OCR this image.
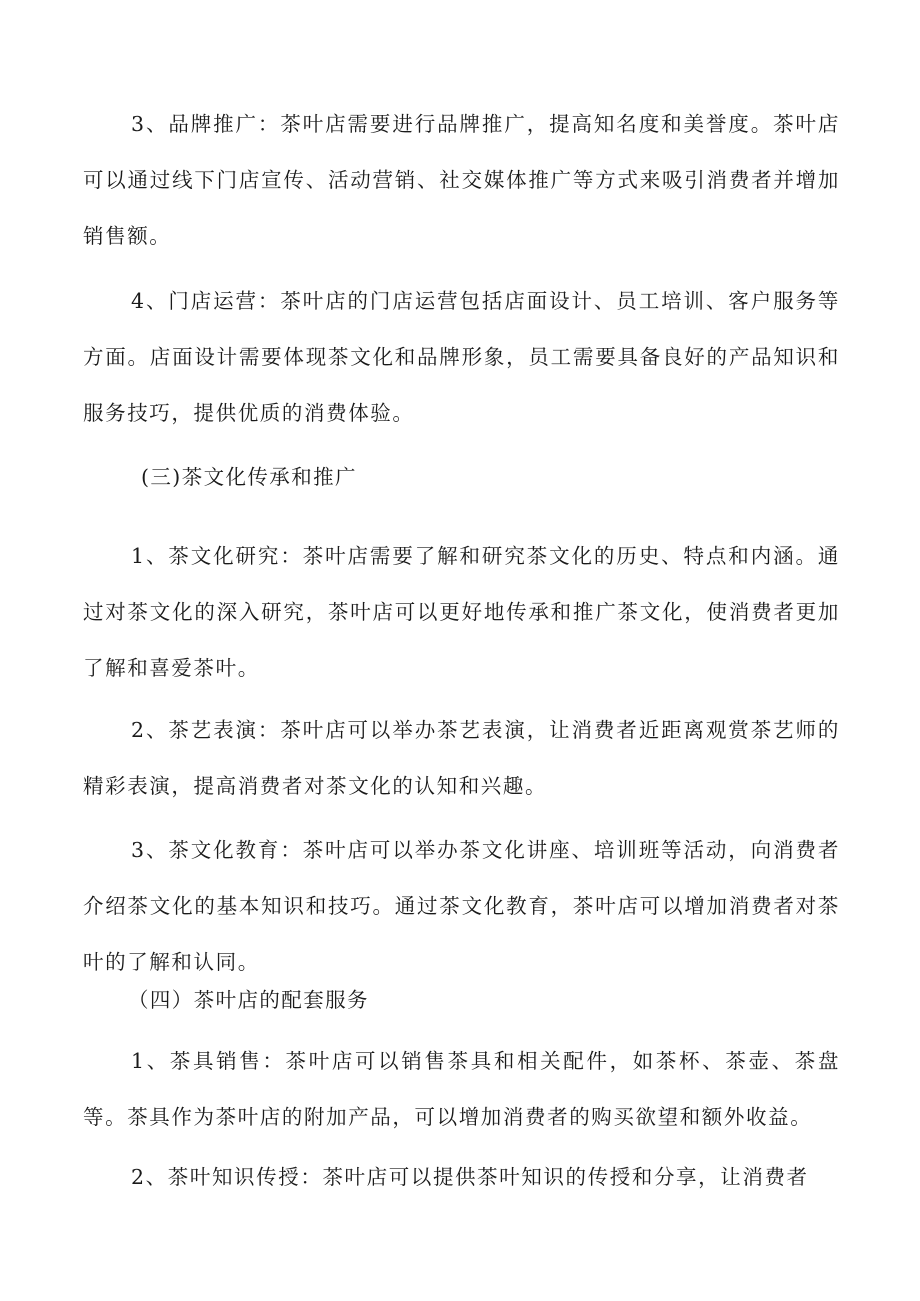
3、品牌推广：茶叶店需要进行品牌推广，提高知名度和美誉度。茶叶店可以通过线下门店宣传、活动营销、社交媒体推广等方式来吸引消费者并增加销售额。

4、门店运营：茶叶店的门店运营包括店面设计、员工培训、客户服务等方面。店面设计需要体现茶文化和品牌形象，员工需要具备良好的产品知识和服务技巧，提供优质的消费体验。

(三)茶文化传承和推广

1、茶文化研究：茶叶店需要了解和研究茶文化的历史、特点和内涵。通过对茶文化的深入研究，茶叶店可以更好地传承和推广茶文化，使消费者更加了解和喜爱茶叶。

2、茶艺表演：茶叶店可以举办茶艺表演，让消费者近距离观赏茶艺师的精彩表演，提高消费者对茶文化的认知和兴趣。

3、茶文化教育：茶叶店可以举办茶文化讲座、培训班等活动，向消费者介绍茶文化的基本知识和技巧。通过茶文化教育，茶叶店可以增加消费者对茶叶的了解和认同。

（四）茶叶店的配套服务

1、茶具销售：茶叶店可以销售茶具和相关配件，如茶杯、茶壶、茶盘等。茶具作为茶叶店的附加产品，可以增加消费者的购买欲望和额外收益。

2、茶叶知识传授：茶叶店可以提供茶叶知识的传授和分享，让消费者
